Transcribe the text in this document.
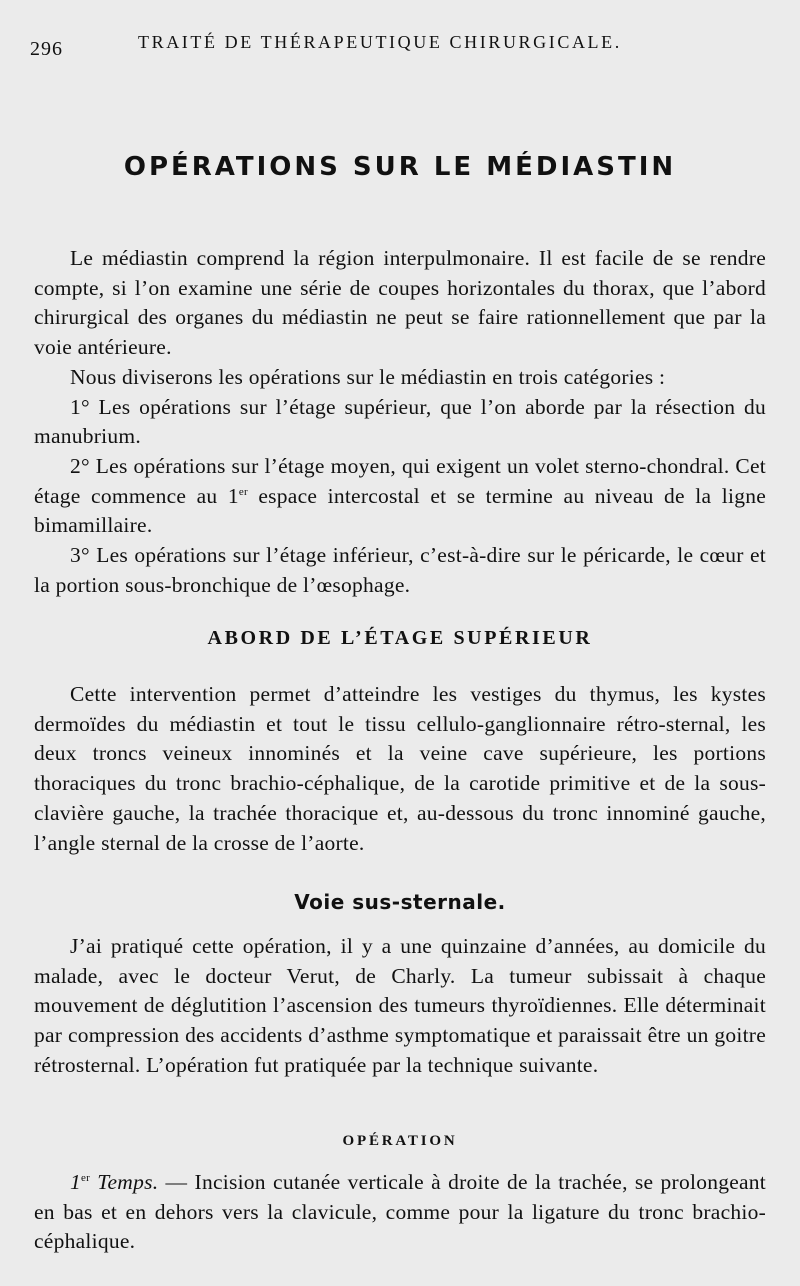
296	TRAITÉ DE THÉRAPEUTIQUE CHIRURGICALE.
OPÉRATIONS SUR LE MÉDIASTIN

Le médiastin comprend la région interpulmonaire. Il est facile de se rendre compte, si l’on examine une série de coupes horizontales du thorax, que l’abord chirurgical des organes du médiastin ne peut se faire rationnellement que par la voie antérieure.

Nous diviserons les opérations sur le médiastin en trois catégories :

1° Les opérations sur l’étage supérieur, que l’on aborde par la résection du manubrium.

2° Les opérations sur l’étage moyen, qui exigent un volet sterno-chondral. Cet étage commence au 1er espace intercostal et se termine au niveau de la ligne bimamillaire.

3° Les opérations sur l’étage inférieur, c’est-à-dire sur le péricarde, le cœur et la portion sous-bronchique de l’œsophage.

ABORD DE L’ÉTAGE SUPÉRIEUR

Cette intervention permet d’atteindre les vestiges du thymus, les kystes dermoïdes du médiastin et tout le tissu cellulo-ganglionnaire rétro-sternal, les deux troncs veineux innominés et la veine cave supérieure, les portions thoraciques du tronc brachio-céphalique, de la carotide primitive et de la sous-clavière gauche, la trachée thoracique et, au-dessous du tronc innominé gauche, l’angle sternal de la crosse de l’aorte.

Voie sus-sternale.

J’ai pratiqué cette opération, il y a une quinzaine d’années, au domicile du malade, avec le docteur Verut, de Charly. La tumeur subissait à chaque mouvement de déglutition l’ascension des tumeurs thyroïdiennes. Elle déterminait par compression des accidents d’asthme symptomatique et paraissait être un goitre rétrosternal. L’opération fut pratiquée par la technique suivante.

OPÉRATION

1er Temps. — Incision cutanée verticale à droite de la trachée, se prolongeant en bas et en dehors vers la clavicule, comme pour la ligature du tronc brachio-céphalique.
